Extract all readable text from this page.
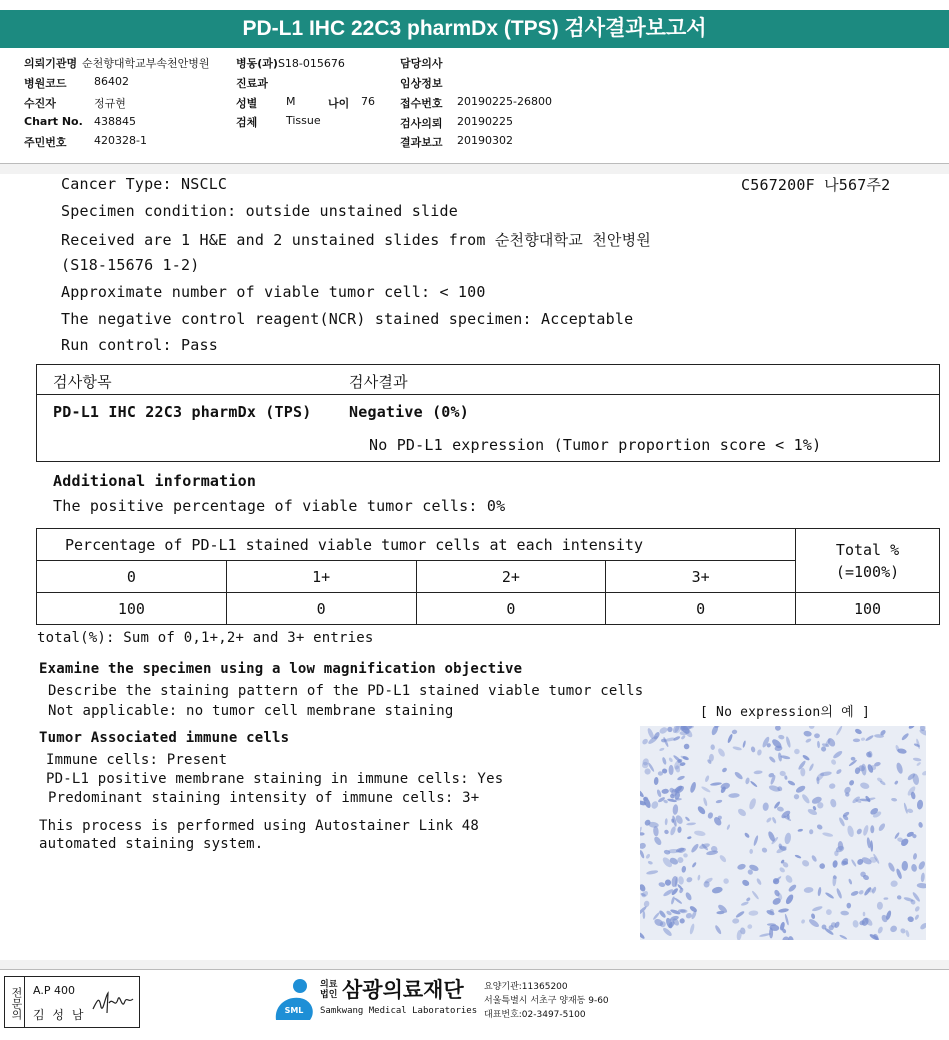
PD-L1 IHC 22C3 pharmDx (TPS) 검사결과보고서
의뢰기관명 순천향대학교부속천안병원
병원코드 86402
수진자	정규현
Chart No. 438845
주민번호 420328-1
병동(과)S18-015676
진료과
성별	M	나이 76
검체	Tissue
담당의사
임상정보
접수번호 20190225-26800
검사의뢰 20190225
결과보고 20190302
Cancer Type: NSCLC	C567200F 나567주2
Specimen condition: outside unstained slide
Received are 1 H&E and 2 unstained slides from 순천향대학교 천안병원
(S18-15676 1-2)
Approximate number of viable tumor cell: < 100
The negative control reagent(NCR) stained specimen: Acceptable
Run control: Pass
검사항목	검사결과
PD-L1 IHC 22C3 pharmDx (TPS)	Negative (0%)
No PD-L1 expression (Tumor proportion score < 1%)
Additional information
The positive percentage of viable tumor cells: 0%
Percentage of PD-L1 stained viable tumor cells at each intensity				Total %
(=100%)

0	1+	2+	3+	
100	0	0	0	100
total(%): Sum of 0,1+,2+ and 3+ entries
Examine the specimen using a low magnification objective
Describe the staining pattern of the PD-L1 stained viable tumor cells
Not applicable: no tumor cell membrane staining
Tumor Associated immune cells
Immune cells: Present
PD-L1 positive membrane staining in immune cells: Yes
Predominant staining intensity of immune cells: 3+
This process is performed using Autostainer Link 48
automated staining system.
[ No expression의 예 ]
전문의 A.P 400
김 성 남	SML
의료
법인 삼광의료재단
Samkwang Medical Laboratories
요양기관:11365200
서울특별시 서초구 양재동 9-60
대표번호:02-3497-5100
